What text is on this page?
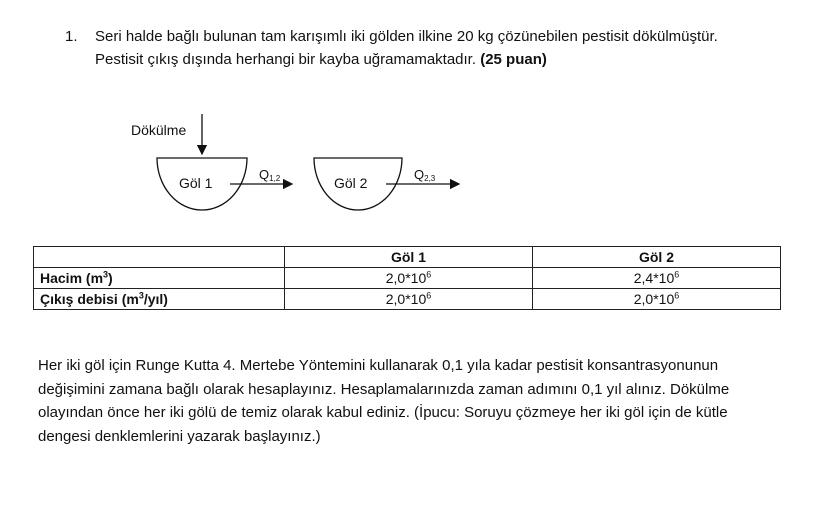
1. Seri halde bağlı bulunan tam karışımlı iki gölden ilkine 20 kg çözünebilen pestisit dökülmüştür.
Pestisit çıkış dışında herhangi bir kayba uğramamaktadır. (25 puan)
Dökülme
Göl 1
Q1,2	Göl 2
Q2,3
	Göl 1	Göl 2
Hacim $(m^3)$	$2,0*10^6$	$2,4*10^6$
Çıkış debisi $(m^3/yıl)$	$2,0*10^6$	$2,0*10^6$
Her iki göl için Runge Kutta 4. Mertebe Yöntemini kullanarak 0,1 yıla kadar pestisit konsantrasyonunun
değişimini zamana bağlı olarak hesaplayınız. Hesaplamalarınızda zaman adımını 0,1 yıl alınız. Dökülme
olayından önce her iki gölü de temiz olarak kabul ediniz. (İpucu: Soruyu çözmeye her iki göl için de kütle
dengesi denklemlerini yazarak başlayınız.)
